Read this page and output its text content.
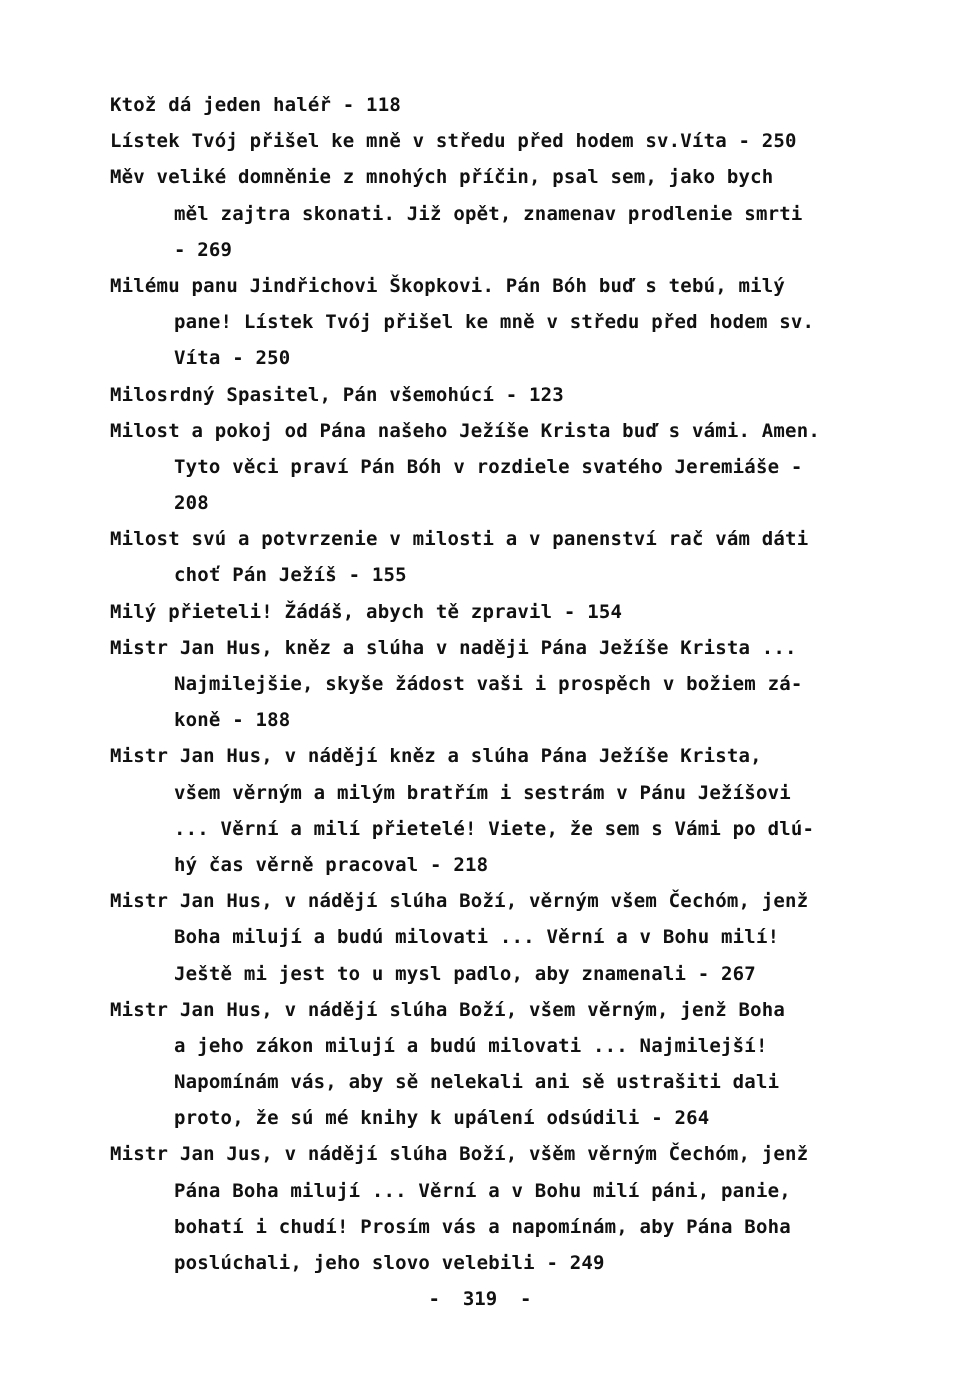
Ktož dá jeden haléř - 118
Lístek Tvój přišel ke mně v středu před hodem sv.Víta - 250
Měv veliké domněnie z mnohých příčin, psal sem, jako bych
měl zajtra skonati. Již opět, znamenav prodlenie smrti
- 269
Milému panu Jindřichovi Škopkovi. Pán Bóh buď s tebú, milý
pane! Lístek Tvój přišel ke mně v středu před hodem sv.
Víta - 250
Milosrdný Spasitel, Pán všemohúcí - 123
Milost a pokoj od Pána našeho Ježíše Krista buď s vámi. Amen.
Tyto věci praví Pán Bóh v rozdiele svatého Jeremiáše -
208
Milost svú a potvrzenie v milosti a v panenství rač vám dáti
choť Pán Ježíš - 155
Milý přieteli! Žádáš, abych tě zpravil - 154
Mistr Jan Hus, kněz a slúha v naději Pána Ježíše Krista ...
Najmilejšie, skyše žádost vaši i prospěch v božiem zá-
koně - 188
Mistr Jan Hus, v nádějí kněz a slúha Pána Ježíše Krista,
všem věrným a milým bratřím i sestrám v Pánu Ježíšovi
... Věrní a milí přietelé! Viete, že sem s Vámi po dlú-
hý čas věrně pracoval - 218
Mistr Jan Hus, v nádějí slúha Boží, věrným všem Čechóm, jenž
Boha milují a budú milovati ... Věrní a v Bohu milí!
Ještě mi jest to u mysl padlo, aby znamenali - 267
Mistr Jan Hus, v nádějí slúha Boží, všem věrným, jenž Boha
a jeho zákon milují a budú milovati ... Najmilejší!
Napomínám vás, aby sě nelekali ani sě ustrašiti dali
proto, že sú mé knihy k upálení odsúdili - 264
Mistr Jan Jus, v nádějí slúha Boží, všěm věrným Čechóm, jenž
Pána Boha milují ... Věrní a v Bohu milí páni, panie,
bohatí i chudí! Prosím vás a napomínám, aby Pána Boha
poslúchali, jeho slovo velebili - 249
-  319  -
